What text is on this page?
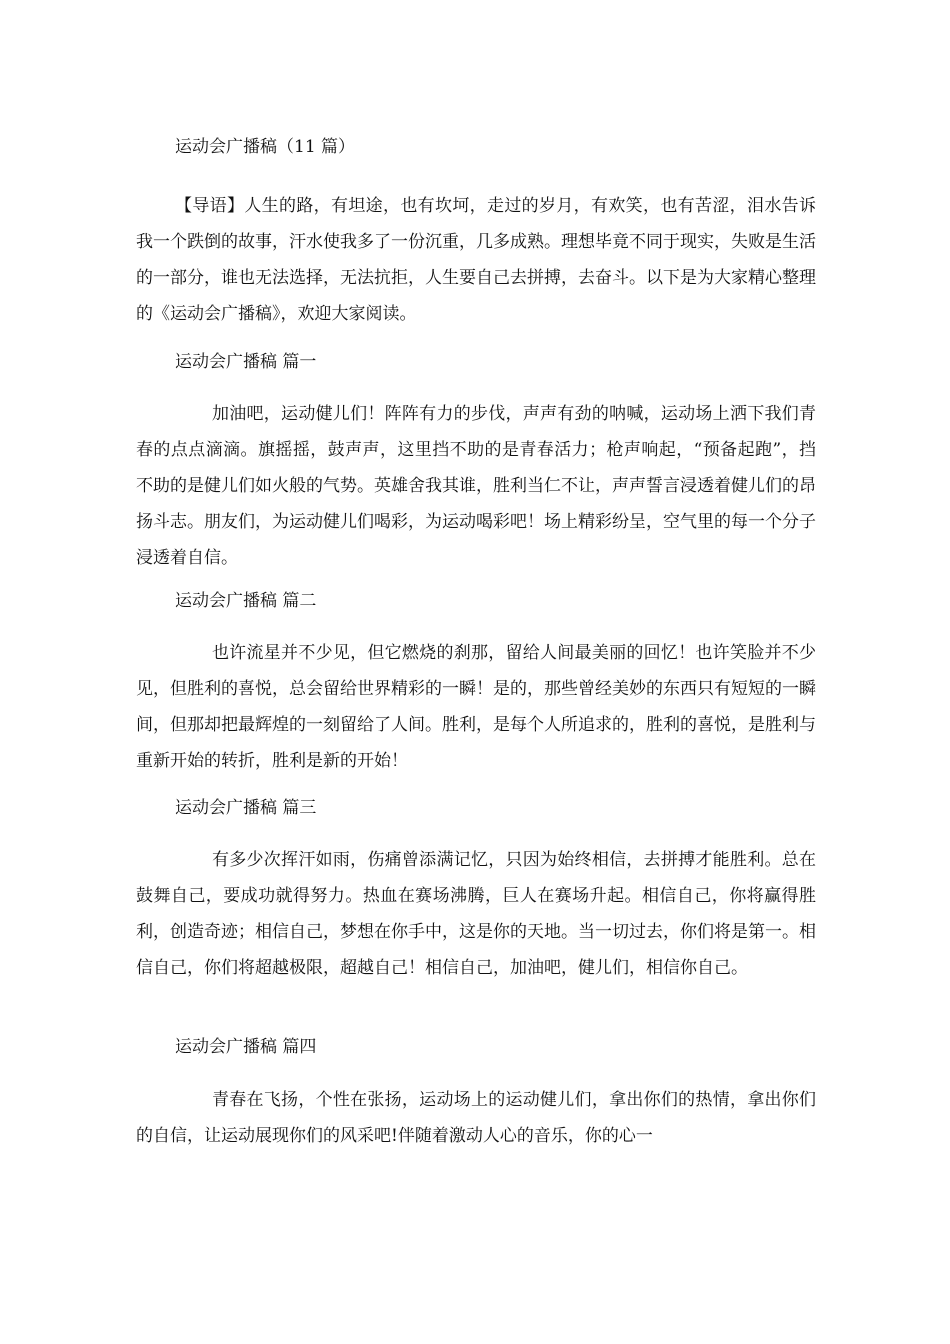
运动会广播稿（11 篇）

【导语】人生的路，有坦途，也有坎坷，走过的岁月，有欢笑，也有苦涩，泪水告诉我一个跌倒的故事，汗水使我多了一份沉重，几多成熟。理想毕竟不同于现实，失败是生活的一部分，谁也无法选择，无法抗拒，人生要自己去拼搏，去奋斗。以下是为大家精心整理的《运动会广播稿》，欢迎大家阅读。

运动会广播稿 篇一

加油吧，运动健儿们！阵阵有力的步伐，声声有劲的呐喊，运动场上洒下我们青春的点点滴滴。旗摇摇，鼓声声，这里挡不助的是青春活力；枪声响起，“预备起跑”，挡不助的是健儿们如火般的气势。英雄舍我其谁，胜利当仁不让，声声誓言浸透着健儿们的昂扬斗志。朋友们，为运动健儿们喝彩，为运动喝彩吧！场上精彩纷呈，空气里的每一个分子浸透着自信。

运动会广播稿 篇二

也许流星并不少见，但它燃烧的刹那，留给人间最美丽的回忆！也许笑脸并不少见，但胜利的喜悦，总会留给世界精彩的一瞬！是的，那些曾经美妙的东西只有短短的一瞬间，但那却把最辉煌的一刻留给了人间。胜利，是每个人所追求的，胜利的喜悦，是胜利与重新开始的转折，胜利是新的开始！

运动会广播稿 篇三

有多少次挥汗如雨，伤痛曾添满记忆，只因为始终相信，去拼搏才能胜利。总在鼓舞自己，要成功就得努力。热血在赛场沸腾，巨人在赛场升起。相信自己，你将赢得胜利，创造奇迹；相信自己，梦想在你手中，这是你的天地。当一切过去，你们将是第一。相信自己，你们将超越极限，超越自己！相信自己，加油吧，健儿们，相信你自己。

运动会广播稿 篇四

青春在飞扬，个性在张扬，运动场上的运动健儿们，拿出你们的热情，拿出你们的自信，让运动展现你们的风采吧!伴随着激动人心的音乐，你的心一
